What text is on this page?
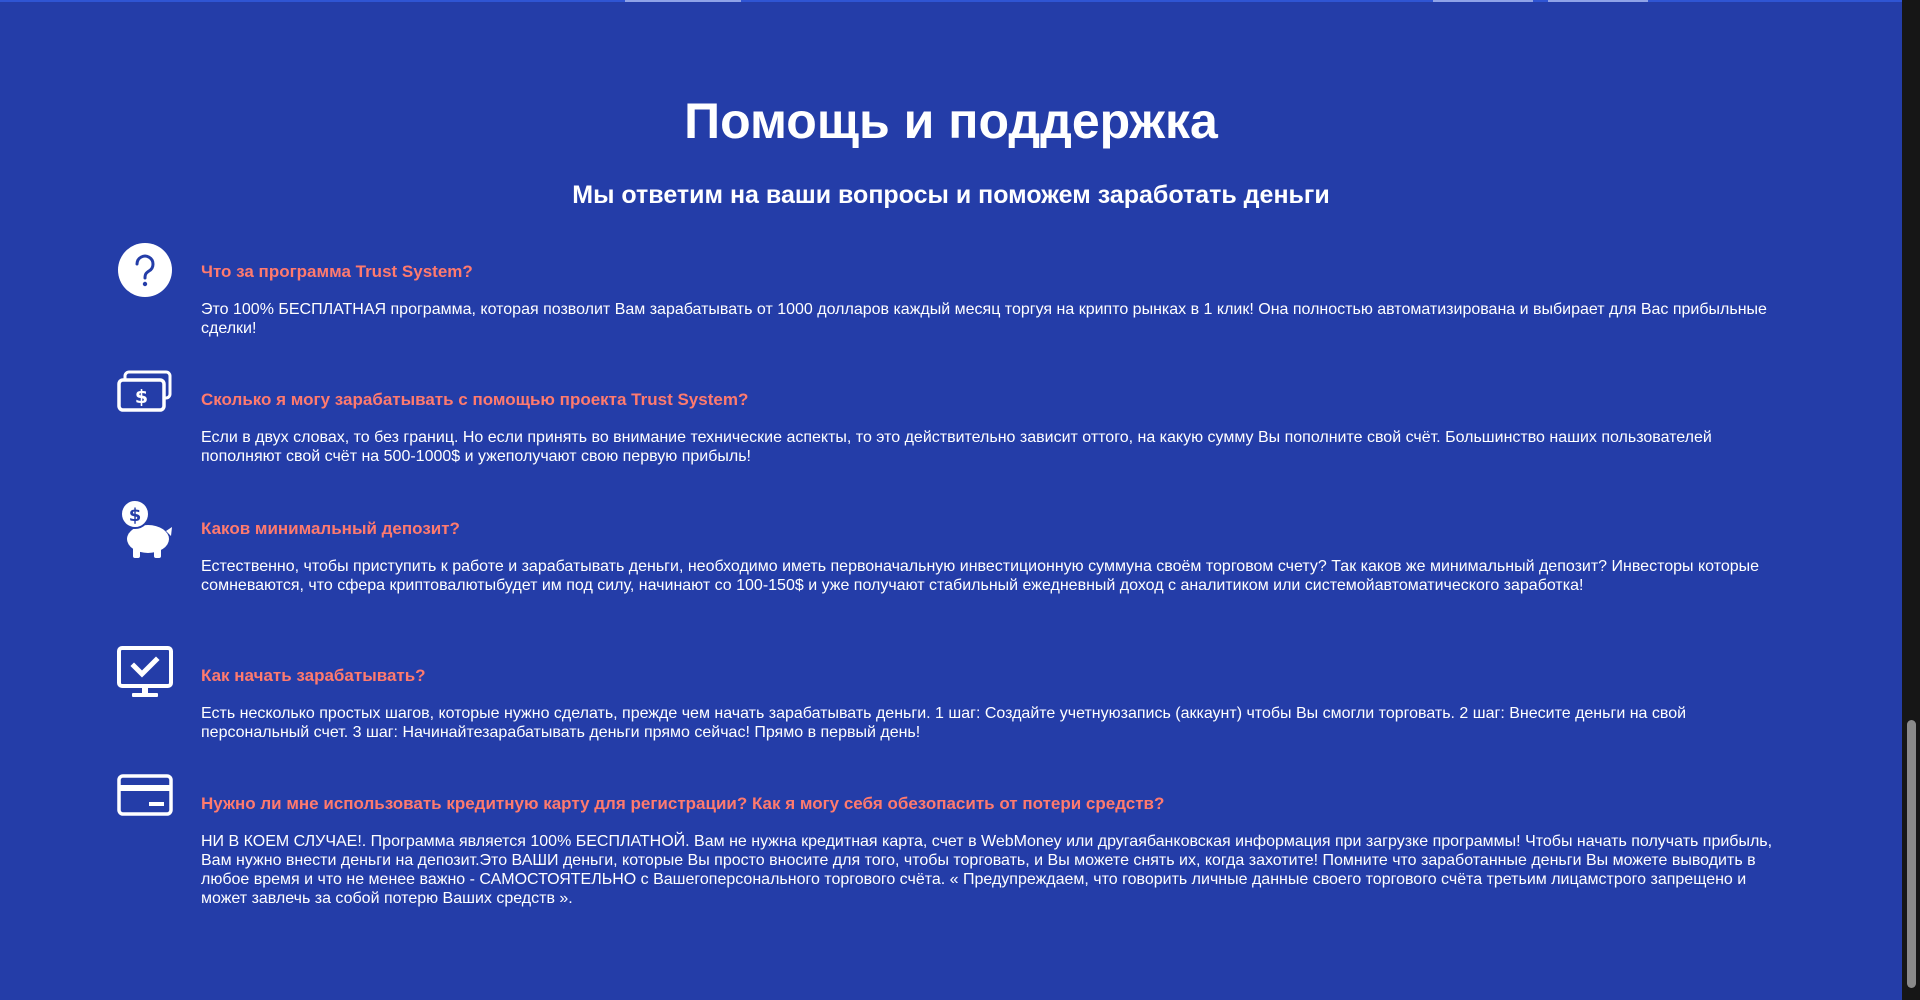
Помощь и поддержка
Мы ответим на ваши вопросы и поможем заработать деньги
Что за программа Trust System?
Это 100% БЕСПЛАТНАЯ программа, которая позволит Вам зарабатывать от 1000 долларов каждый месяц торгуя на крипто рынках в 1 клик! Она полностью автоматизирована и выбирает для Вас прибыльные сделки!
$	Сколько я могу зарабатывать с помощью проекта Trust System?
Если в двух словах, то без границ. Но если принять во внимание технические аспекты, то это действительно зависит оттого, на какую сумму Вы пополните свой счёт. Большинство наших пользователей пополняют свой счёт на 500-1000$ и ужеполучают свою первую прибыль!
$
Каков минимальный депозит?
Естественно, чтобы приступить к работе и зарабатывать деньги, необходимо иметь первоначальную инвестиционную суммуна своём торговом счету? Так каков же минимальный депозит? Инвесторы которые сомневаются, что сфера криптовалютыбудет им под силу, начинают со 100-150$ и уже получают стабильный ежедневный доход с аналитиком или системойавтоматического заработка!
Как начать зарабатывать?
Есть несколько простых шагов, которые нужно сделать, прежде чем начать зарабатывать деньги. 1 шаг: Создайте учетнуюзапись (аккаунт) чтобы Вы смогли торговать. 2 шаг: Внесите деньги на свой персональный счет. 3 шаг: Начинайтезарабатывать деньги прямо сейчас! Прямо в первый день!
Нужно ли мне использовать кредитную карту для регистрации? Как я могу себя обезопасить от потери средств?
НИ В КОЕМ СЛУЧАЕ!. Программа является 100% БЕСПЛАТНОЙ. Вам не нужна кредитная карта, счет в WebMoney или другаябанковская информация при загрузке программы! Чтобы начать получать прибыль, Вам нужно внести деньги на депозит.Это ВАШИ деньги, которые Вы просто вносите для того, чтобы торговать, и Вы можете снять их, когда захотите! Помните что заработанные деньги Вы можете выводить в любое время и что не менее важно - САМОСТОЯТЕЛЬНО с Вашегоперсонального торгового счёта. « Предупреждаем, что говорить личные данные своего торгового счёта третьим лицамстрого запрещено и может завлечь за собой потерю Ваших средств ».
